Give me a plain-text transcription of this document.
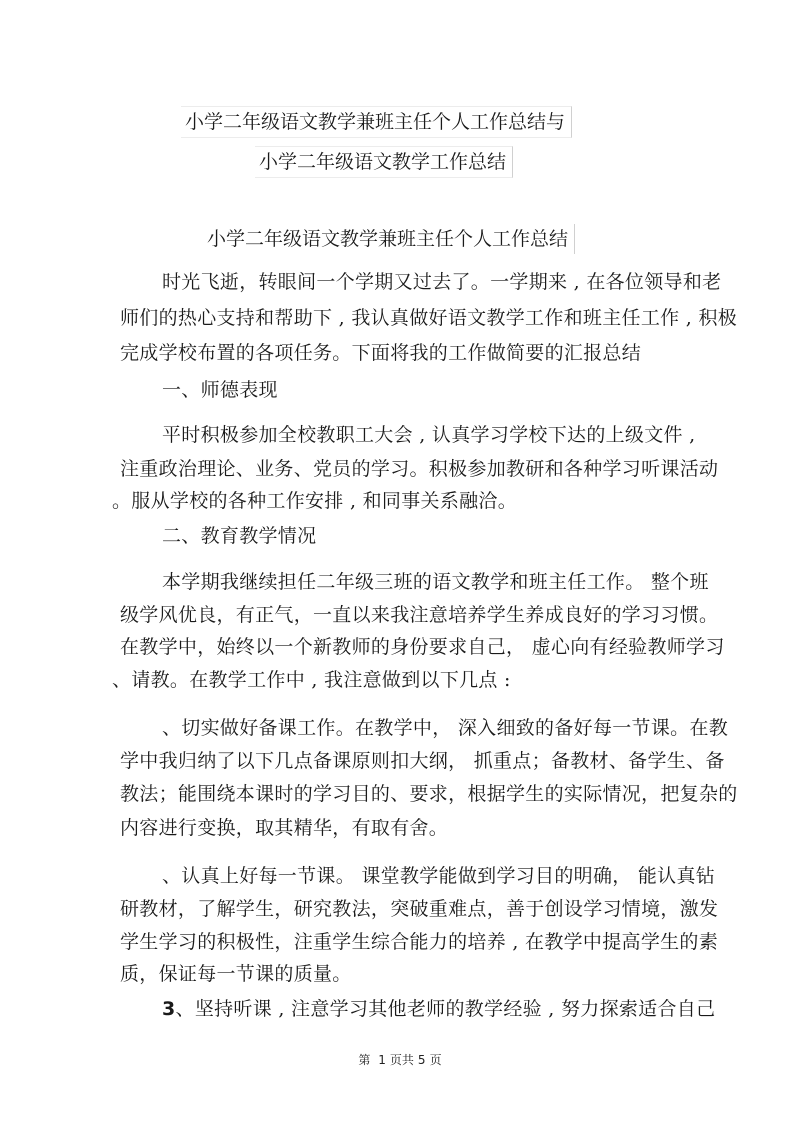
小学二年级语文教学兼班主任个人工作总结与
小学二年级语文教学工作总结
小学二年级语文教学兼班主任个人工作总结
时光飞逝，转眼间一个学期又过去了。一学期来 , 在各位领导和老
师们的热心支持和帮助下 , 我认真做好语文教学工作和班主任工作 , 积极
完成学校布置的各项任务。下面将我的工作做简要的汇报总结
一、师德表现
平时积极参加全校教职工大会 , 认真学习学校下达的上级文件 ,
注重政治理论、业务、党员的学习。积极参加教研和各种学习听课活动
。服从学校的各种工作安排 , 和同事关系融洽。
二、教育教学情况
本学期我继续担任二年级三班的语文教学和班主任工作。 整个班
级学风优良，有正气，一直以来我注意培养学生养成良好的学习习惯。
在教学中，始终以一个新教师的身份要求自己， 虚心向有经验教师学习
、请教。在教学工作中 , 我注意做到以下几点 :
、切实做好备课工作。在教学中， 深入细致的备好每一节课。在教
学中我归纳了以下几点备课原则扣大纲， 抓重点；备教材、备学生、备
教法；能围绕本课时的学习目的、要求，根据学生的实际情况，把复杂的
内容进行变换，取其精华，有取有舍。
、认真上好每一节课。 课堂教学能做到学习目的明确， 能认真钻
研教材，了解学生，研究教法，突破重难点，善于创设学习情境，激发
学生学习的积极性，注重学生综合能力的培养 , 在教学中提高学生的素
质，保证每一节课的质量。
3、坚持听课 , 注意学习其他老师的教学经验 , 努力探索适合自己
第 1 页共 5 页
